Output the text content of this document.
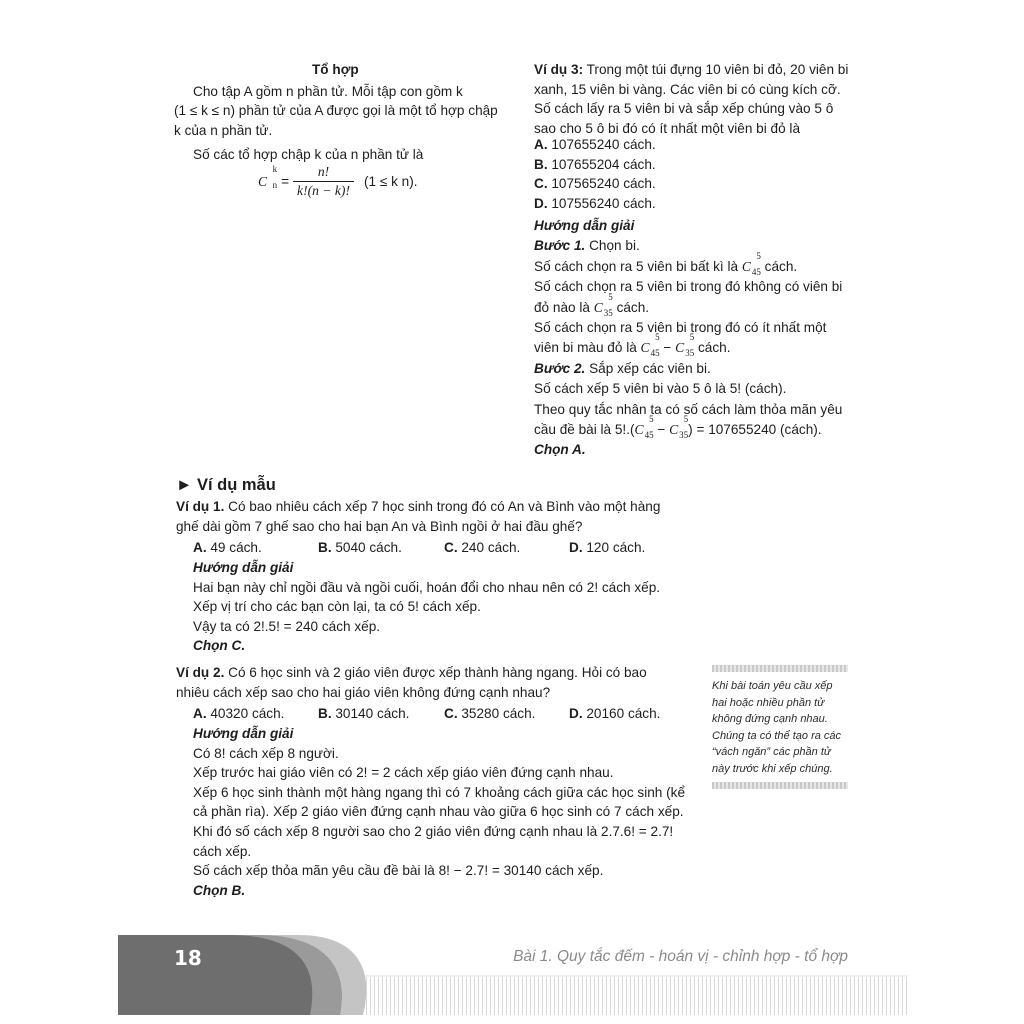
Tổ hợp
Cho tập A gồm n phần tử. Mỗi tập con gồm k
(1 ≤ k ≤ n) phần tử của A được gọi là một tổ hợp chập
k của n phần tử.
Số các tổ hợp chập k của n phần tử là
C
k
$n = \frac{n!}{k!(n - k)!} (1 \le k$ n).
Ví dụ 3: Trong một túi đựng 10 viên bi đỏ, 20 viên bi
xanh, 15 viên bi vàng. Các viên bi có cùng kích cỡ.
Số cách lấy ra 5 viên bi và sắp xếp chúng vào 5 ô
sao cho 5 ô bi đó có ít nhất một viên bi đỏ là
A. 107655240 cách.
B. 107655204 cách.
C. 107565240 cách.
D. 107556240 cách.
Hướng dẫn giải
Bước 1. Chọn bi.
Số cách chọn ra 5 viên bi bất kì là C
5
45 cách.
Số cách chọn ra 5 viên bi trong đó không có viên bi
đỏ nào là C
5
35 cách.
Số cách chọn ra 5 viên bi trong đó có ít nhất một
viên bi màu đỏ là C
5
45 − C
5
35 cách.
Bước 2. Sắp xếp các viên bi.
Số cách xếp 5 viên bi vào 5 ô là 5! (cách).
Theo quy tắc nhân ta có số cách làm thỏa mãn yêu
cầu đề bài là 5!.(C
5
45 − C
5
35 ) = 107655240 (cách).
Chọn A.
► Ví dụ mẫu
Ví dụ 1. Có bao nhiêu cách xếp 7 học sinh trong đó có An và Bình vào một hàng
ghế dài gồm 7 ghế sao cho hai bạn An và Bình ngồi ở hai đầu ghế?
A. 49 cách.	B. 5040 cách.	C. 240 cách.	D. 120 cách.
Hướng dẫn giải
Hai bạn này chỉ ngồi đầu và ngồi cuối, hoán đổi cho nhau nên có 2! cách xếp.
Xếp vị trí cho các bạn còn lại, ta có 5! cách xếp.
Vậy ta có 2!.5! = 240 cách xếp.
Chọn C.
Ví dụ 2. Có 6 học sinh và 2 giáo viên được xếp thành hàng ngang. Hỏi có bao
nhiêu cách xếp sao cho hai giáo viên không đứng cạnh nhau?
A. 40320 cách. B. 30140 cách.	C. 35280 cách. D. 20160 cách.
Hướng dẫn giải
Có 8! cách xếp 8 người.
Xếp trước hai giáo viên có 2! = 2 cách xếp giáo viên đứng cạnh nhau.
Xếp 6 học sinh thành một hàng ngang thì có 7 khoảng cách giữa các học sinh (kể
cả phần rìa). Xếp 2 giáo viên đứng cạnh nhau vào giữa 6 học sinh có 7 cách xếp.
Khi đó số cách xếp 8 người sao cho 2 giáo viên đứng cạnh nhau là 2.7.6! = 2.7!
cách xếp.
Số cách xếp thỏa mãn yêu cầu đề bài là 8! − 2.7! = 30140 cách xếp.
Chọn B.
Khi bài toán yêu cầu xếp
hai hoặc nhiều phần tử
không đứng cạnh nhau.
Chúng ta có thể tạo ra các
“vách ngăn” các phần tử
này trước khi xếp chúng.
18	Bài 1. Quy tắc đếm - hoán vị - chỉnh hợp - tổ hợp
